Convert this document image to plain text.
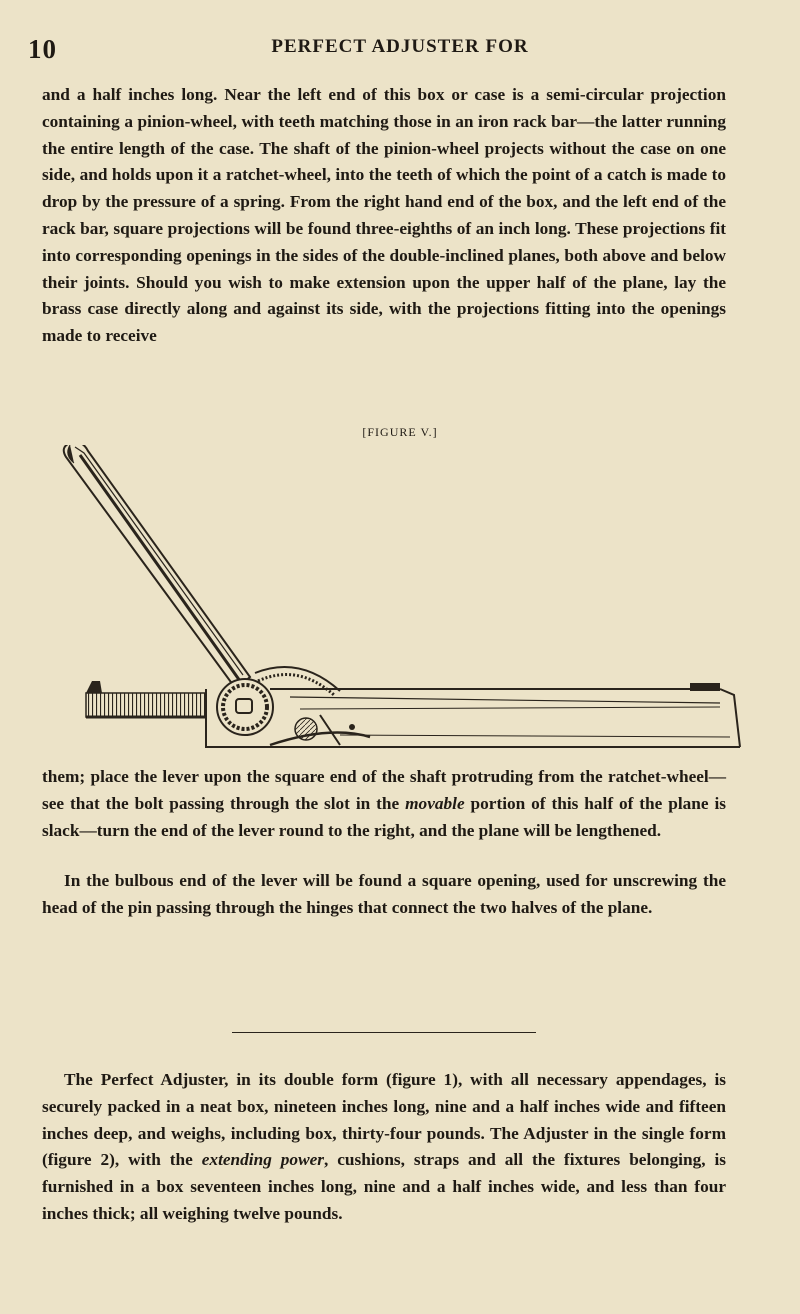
10	PERFECT ADJUSTER FOR

and a half inches long. Near the left end of this box or case is a semi-circular projection containing a pinion-wheel, with teeth matching those in an iron rack bar—the latter running the entire length of the case. The shaft of the pinion-wheel projects without the case on one side, and holds upon it a ratchet-wheel, into the teeth of which the point of a catch is made to drop by the pressure of a spring. From the right hand end of the box, and the left end of the rack bar, square projections will be found three-eighths of an inch long. These projections fit into corresponding openings in the sides of the double-inclined planes, both above and below their joints. Should you wish to make extension upon the upper half of the plane, lay the brass case directly along and against its side, with the projections fitting into the openings made to receive

[FIGURE V.]

them; place the lever upon the square end of the shaft protruding from the ratchet-wheel—see that the bolt passing through the slot in the movable portion of this half of the plane is slack—turn the end of the lever round to the right, and the plane will be lengthened.

In the bulbous end of the lever will be found a square opening, used for unscrewing the head of the pin passing through the hinges that connect the two halves of the plane.

The Perfect Adjuster, in its double form (figure 1), with all necessary appendages, is securely packed in a neat box, nineteen inches long, nine and a half inches wide and fifteen inches deep, and weighs, including box, thirty-four pounds. The Adjuster in the single form (figure 2), with the extending power, cushions, straps and all the fixtures belonging, is furnished in a box seventeen inches long, nine and a half inches wide, and less than four inches thick; all weighing twelve pounds.
